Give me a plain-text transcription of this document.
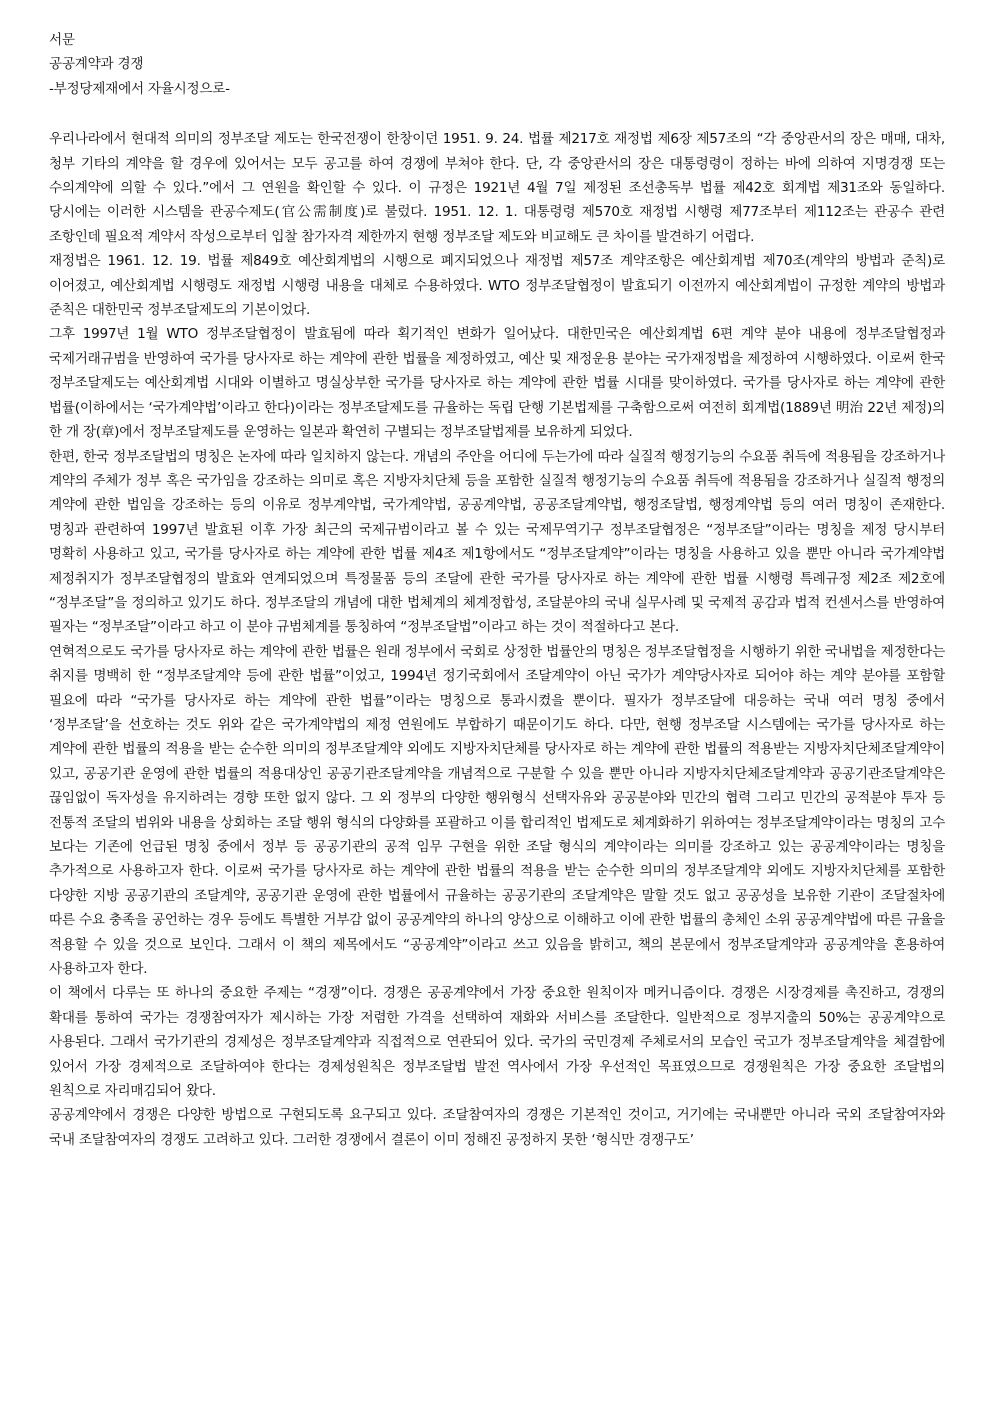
서문
공공계약과 경쟁
-부정당제재에서 자율시정으로-

우리나라에서 현대적 의미의 정부조달 제도는 한국전쟁이 한창이던 1951. 9. 24. 법률 제217호 재정법 제6장 제57조의 “각 중앙관서의 장은 매매, 대차, 청부 기타의 계약을 할 경우에 있어서는 모두 공고를 하여 경쟁에 부쳐야 한다. 단, 각 중앙관서의 장은 대통령령이 정하는 바에 의하여 지명경쟁 또는 수의계약에 의할 수 있다.”에서 그 연원을 확인할 수 있다. 이 규정은 1921년 4월 7일 제정된 조선총독부 법률 제42호 회계법 제31조와 동일하다. 당시에는 이러한 시스템을 관공수제도(官公需制度)로 불렀다. 1951. 12. 1. 대통령령 제570호 재정법 시행령 제77조부터 제112조는 관공수 관련 조항인데 필요적 계약서 작성으로부터 입찰 참가자격 제한까지 현행 정부조달 제도와 비교해도 큰 차이를 발견하기 어렵다.

재정법은 1961. 12. 19. 법률 제849호 예산회계법의 시행으로 폐지되었으나 재정법 제57조 계약조항은 예산회계법 제70조(계약의 방법과 준칙)로 이어졌고, 예산회계법 시행령도 재정법 시행령 내용을 대체로 수용하였다. WTO 정부조달협정이 발효되기 이전까지 예산회계법이 규정한 계약의 방법과 준칙은 대한민국 정부조달제도의 기본이었다.

그후 1997년 1월 WTO 정부조달협정이 발효됨에 따라 획기적인 변화가 일어났다. 대한민국은 예산회계법 6편 계약 분야 내용에 정부조달협정과 국제거래규범을 반영하여 국가를 당사자로 하는 계약에 관한 법률을 제정하였고, 예산 및 재정운용 분야는 국가재정법을 제정하여 시행하였다. 이로써 한국 정부조달제도는 예산회계법 시대와 이별하고 명실상부한 국가를 당사자로 하는 계약에 관한 법률 시대를 맞이하였다. 국가를 당사자로 하는 계약에 관한 법률(이하에서는 ‘국가계약법’이라고 한다)이라는 정부조달제도를 규율하는 독립 단행 기본법제를 구축함으로써 여전히 회계법(1889년 明治 22년 제정)의 한 개 장(章)에서 정부조달제도를 운영하는 일본과 확연히 구별되는 정부조달법제를 보유하게 되었다.

한편, 한국 정부조달법의 명칭은 논자에 따라 일치하지 않는다. 개념의 주안을 어디에 두는가에 따라 실질적 행정기능의 수요품 취득에 적용됨을 강조하거나 계약의 주체가 정부 혹은 국가임을 강조하는 의미로 혹은 지방자치단체 등을 포함한 실질적 행정기능의 수요품 취득에 적용됨을 강조하거나 실질적 행정의 계약에 관한 법임을 강조하는 등의 이유로 정부계약법, 국가계약법, 공공계약법, 공공조달계약법, 행정조달법, 행정계약법 등의 여러 명칭이 존재한다. 명칭과 관련하여 1997년 발효된 이후 가장 최근의 국제규범이라고 볼 수 있는 국제무역기구 정부조달협정은 “정부조달”이라는 명칭을 제정 당시부터 명확히 사용하고 있고, 국가를 당사자로 하는 계약에 관한 법률 제4조 제1항에서도 “정부조달계약”이라는 명칭을 사용하고 있을 뿐만 아니라 국가계약법 제정취지가 정부조달협정의 발효와 연계되었으며 특정물품 등의 조달에 관한 국가를 당사자로 하는 계약에 관한 법률 시행령 특례규정 제2조 제2호에 “정부조달”을 정의하고 있기도 하다. 정부조달의 개념에 대한 법체계의 체계정합성, 조달분야의 국내 실무사례 및 국제적 공감과 법적 컨센서스를 반영하여 필자는 “정부조달”이라고 하고 이 분야 규범체계를 통칭하여 “정부조달법”이라고 하는 것이 적절하다고 본다.

연혁적으로도 국가를 당사자로 하는 계약에 관한 법률은 원래 정부에서 국회로 상정한 법률안의 명칭은 정부조달협정을 시행하기 위한 국내법을 제정한다는 취지를 명백히 한 “정부조달계약 등에 관한 법률”이었고, 1994년 정기국회에서 조달계약이 아닌 국가가 계약당사자로 되어야 하는 계약 분야를 포함할 필요에 따라 “국가를 당사자로 하는 계약에 관한 법률”이라는 명칭으로 통과시켰을 뿐이다. 필자가 정부조달에 대응하는 국내 여러 명칭 중에서 ‘정부조달’을 선호하는 것도 위와 같은 국가계약법의 제정 연원에도 부합하기 때문이기도 하다. 다만, 현행 정부조달 시스템에는 국가를 당사자로 하는 계약에 관한 법률의 적용을 받는 순수한 의미의 정부조달계약 외에도 지방자치단체를 당사자로 하는 계약에 관한 법률의 적용받는 지방자치단체조달계약이 있고, 공공기관 운영에 관한 법률의 적용대상인 공공기관조달계약을 개념적으로 구분할 수 있을 뿐만 아니라 지방자치단체조달계약과 공공기관조달계약은 끊임없이 독자성을 유지하려는 경향 또한 없지 않다. 그 외 정부의 다양한 행위형식 선택자유와 공공분야와 민간의 협력 그리고 민간의 공적분야 투자 등 전통적 조달의 범위와 내용을 상회하는 조달 행위 형식의 다양화를 포괄하고 이를 합리적인 법제도로 체계화하기 위하여는 정부조달계약이라는 명칭의 고수 보다는 기존에 언급된 명칭 중에서 정부 등 공공기관의 공적 임무 구현을 위한 조달 형식의 계약이라는 의미를 강조하고 있는 공공계약이라는 명칭을 추가적으로 사용하고자 한다. 이로써 국가를 당사자로 하는 계약에 관한 법률의 적용을 받는 순수한 의미의 정부조달계약 외에도 지방자치단체를 포함한 다양한 지방 공공기관의 조달계약, 공공기관 운영에 관한 법률에서 규율하는 공공기관의 조달계약은 말할 것도 없고 공공성을 보유한 기관이 조달절차에 따른 수요 충족을 공언하는 경우 등에도 특별한 거부감 없이 공공계약의 하나의 양상으로 이해하고 이에 관한 법률의 총체인 소위 공공계약법에 따른 규율을 적용할 수 있을 것으로 보인다. 그래서 이 책의 제목에서도 “공공계약”이라고 쓰고 있음을 밝히고, 책의 본문에서 정부조달계약과 공공계약을 혼용하여 사용하고자 한다.

이 책에서 다루는 또 하나의 중요한 주제는 “경쟁”이다. 경쟁은 공공계약에서 가장 중요한 원칙이자 메커니즘이다. 경쟁은 시장경제를 촉진하고, 경쟁의 확대를 통하여 국가는 경쟁참여자가 제시하는 가장 저렴한 가격을 선택하여 재화와 서비스를 조달한다. 일반적으로 정부지출의 50%는 공공계약으로 사용된다. 그래서 국가기관의 경제성은 정부조달계약과 직접적으로 연관되어 있다. 국가의 국민경제 주체로서의 모습인 국고가 정부조달계약을 체결함에 있어서 가장 경제적으로 조달하여야 한다는 경제성원칙은 정부조달법 발전 역사에서 가장 우선적인 목표였으므로 경쟁원칙은 가장 중요한 조달법의 원칙으로 자리매김되어 왔다.

공공계약에서 경쟁은 다양한 방법으로 구현되도록 요구되고 있다. 조달참여자의 경쟁은 기본적인 것이고, 거기에는 국내뿐만 아니라 국외 조달참여자와 국내 조달참여자의 경쟁도 고려하고 있다. 그러한 경쟁에서 결론이 이미 정해진 공정하지 못한 ‘형식만 경쟁구도’
